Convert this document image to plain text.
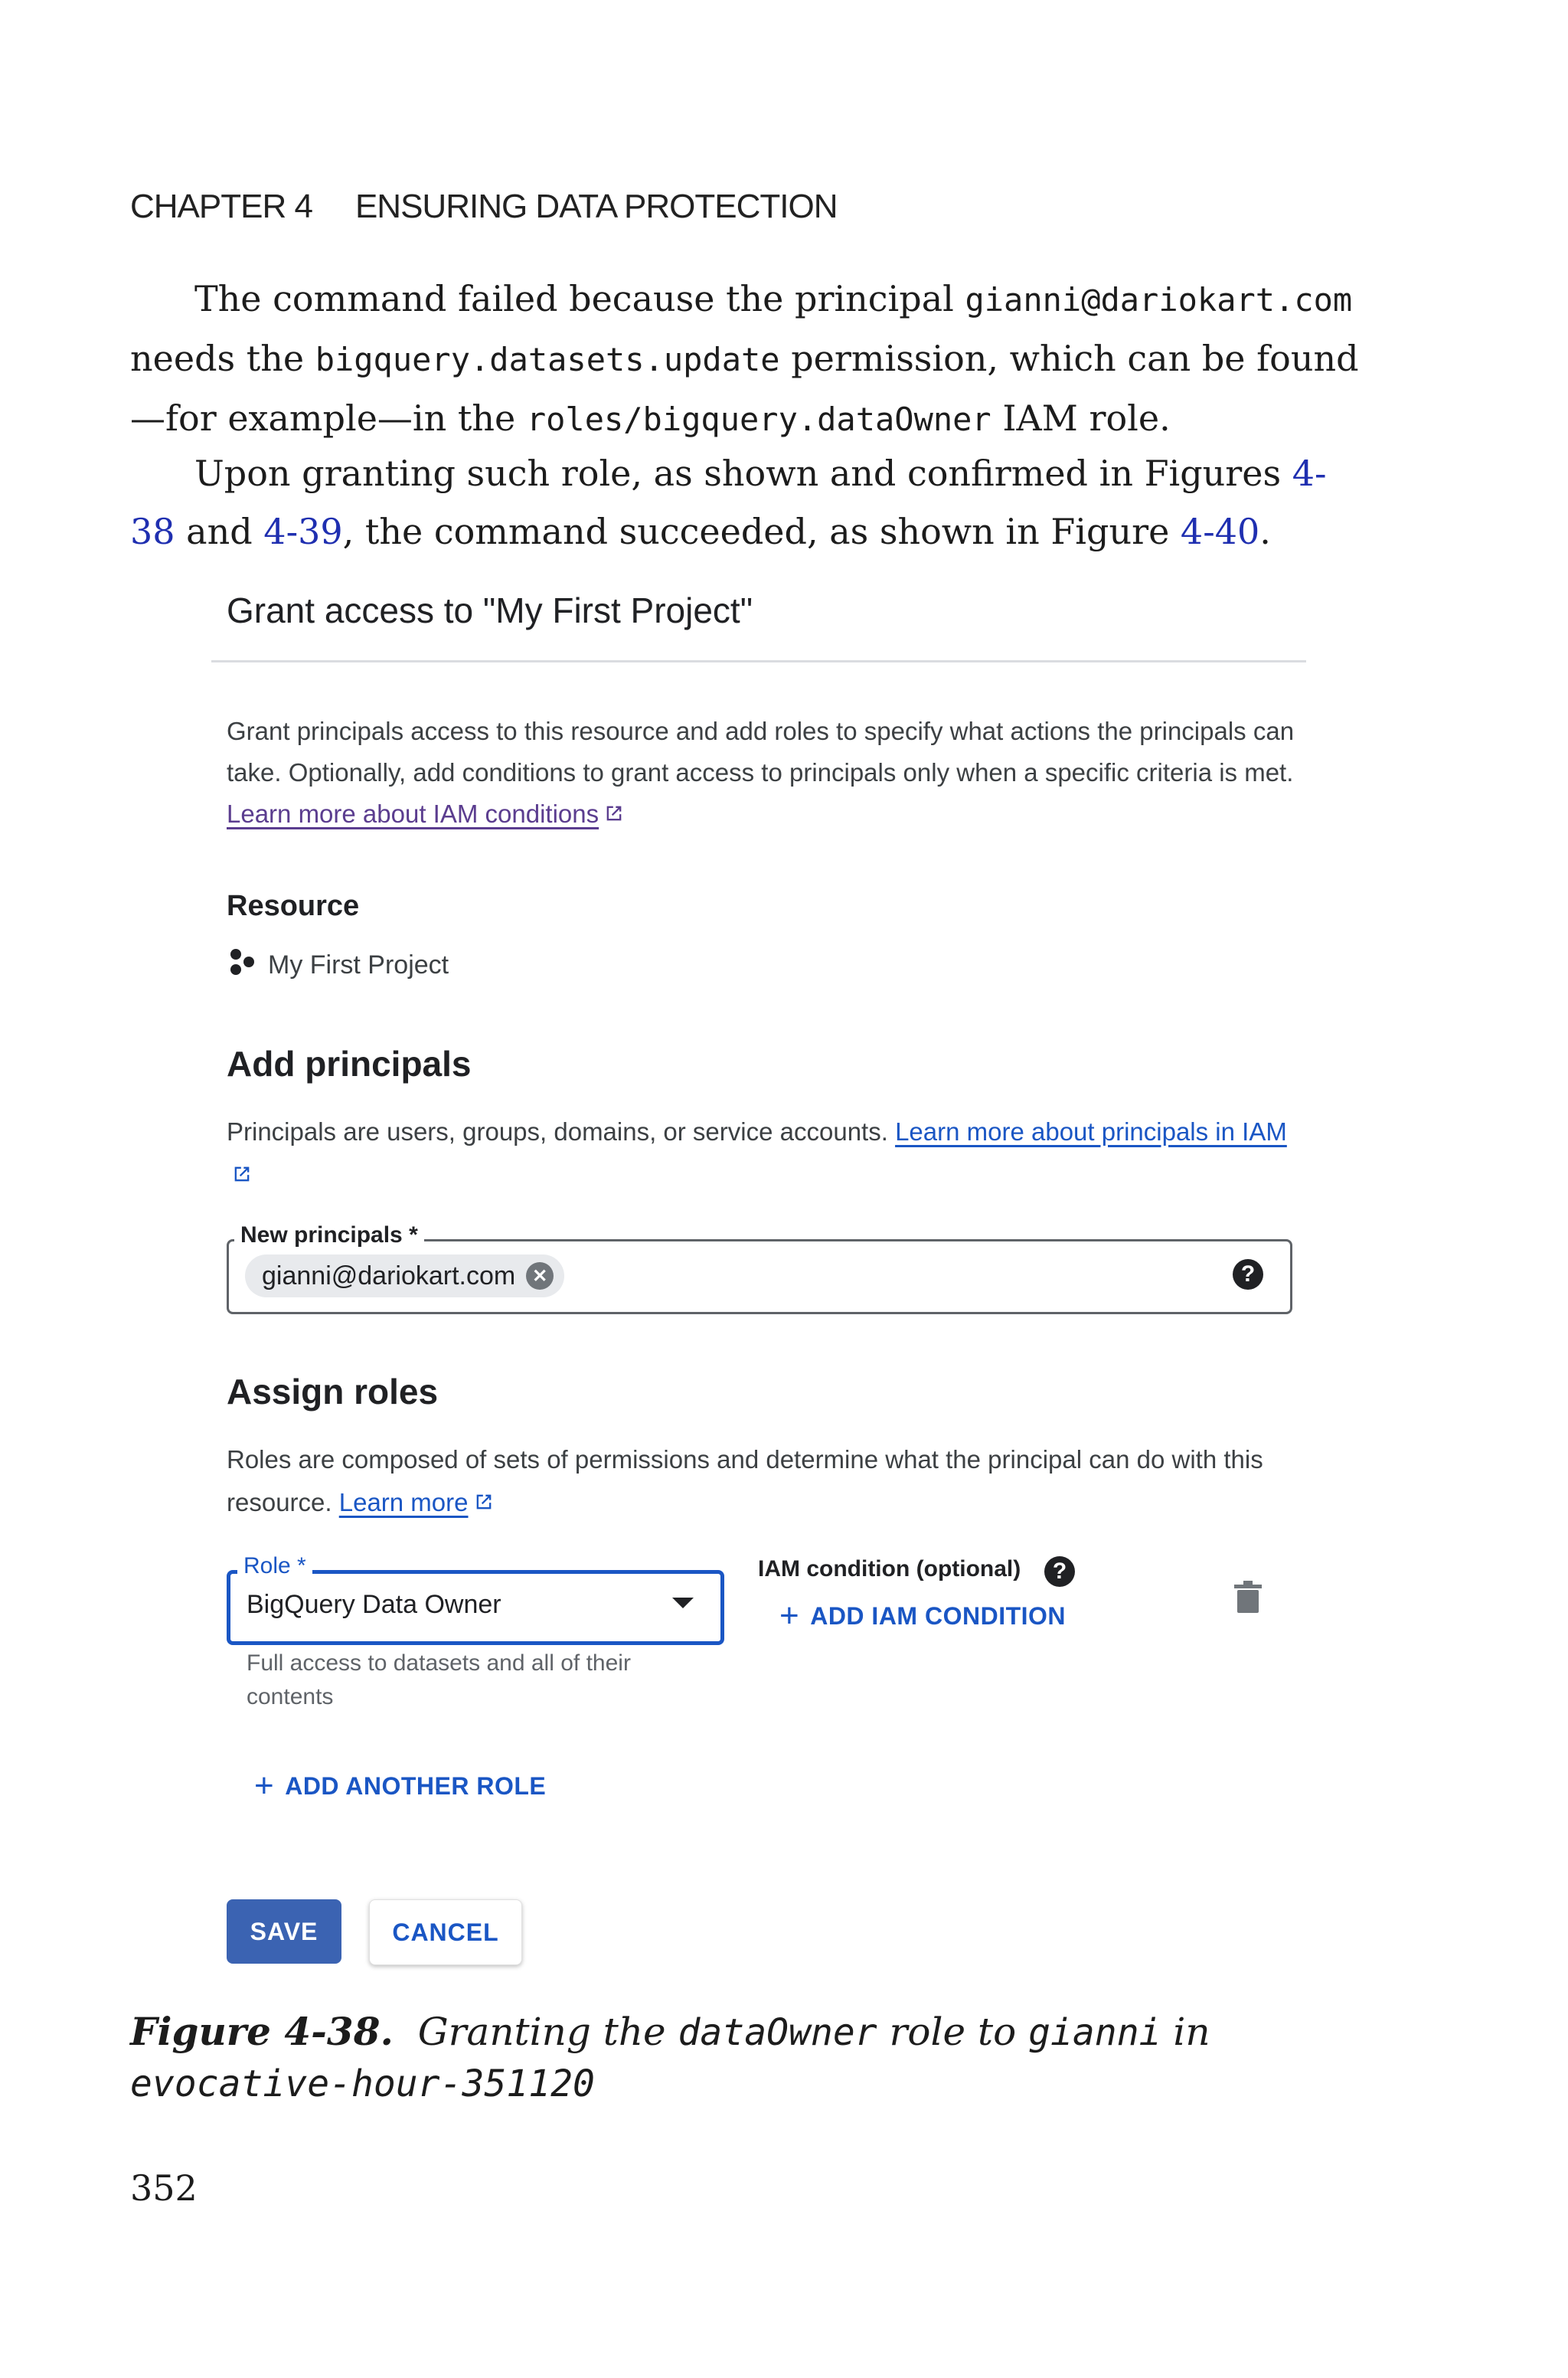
CHAPTER 4 ENSURING DATA PROTECTION
The command failed because the principal gianni@dariokart.com needs the bigquery.datasets.update permission, which can be found—for example—in the roles/bigquery.dataOwner IAM role.
Upon granting such role, as shown and confirmed in Figures 4-38 and 4-39, the command succeeded, as shown in Figure 4-40.
Grant access to "My First Project"
Grant principals access to this resource and add roles to specify what actions the principals can take. Optionally, add conditions to grant access to principals only when a specific criteria is met. Learn more about IAM conditions
Resource
My First Project
Add principals
Principals are users, groups, domains, or service accounts. Learn more about principals in IAM
New principals *
gianni@dariokart.com ✕	?
Assign roles
Roles are composed of sets of permissions and determine what the principal can do with this resource. Learn more
Role *
BigQuery Data Owner
Full access to datasets and all of their contents
IAM condition (optional)	?
+ ADD IAM CONDITION
+ ADD ANOTHER ROLE
SAVE	CANCEL
Figure 4-38. Granting the dataOwner role to gianni in
evocative-hour-351120
352
